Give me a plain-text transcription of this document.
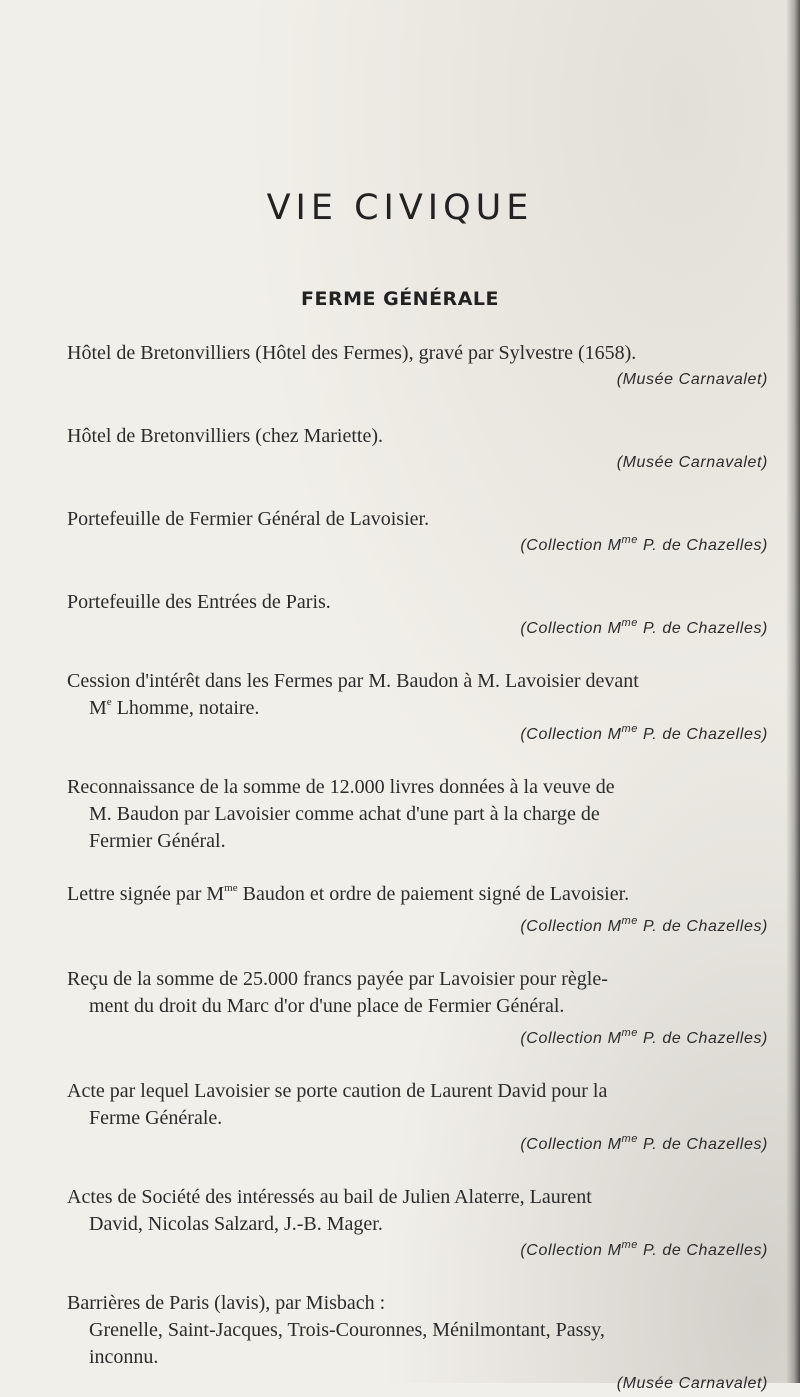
VIE CIVIQUE
FERME GÉNÉRALE
Hôtel de Bretonvilliers (Hôtel des Fermes), gravé par Sylvestre (1658).
(Musée Carnavalet)
Hôtel de Bretonvilliers (chez Mariette).
(Musée Carnavalet)
Portefeuille de Fermier Général de Lavoisier.
(Collection $M^{me}$ P. de Chazelles)
Portefeuille des Entrées de Paris.
(Collection $M^{me}$ P. de Chazelles)
Cession d'intérêt dans les Fermes par M. Baudon à M. Lavoisier devant
Me Lhomme, notaire.
(Collection $M^{me}$ P. de Chazelles)
Reconnaissance de la somme de 12.000 livres données à la veuve de
M. Baudon par Lavoisier comme achat d'une part à la charge de
Fermier Général.
Lettre signée par $M^{me}$ Baudon et ordre de paiement signé de Lavoisier.
(Collection $M^{me}$ P. de Chazelles)
Reçu de la somme de 25.000 francs payée par Lavoisier pour règle-
ment du droit du Marc d'or d'une place de Fermier Général.
(Collection $M^{me}$ P. de Chazelles)
Acte par lequel Lavoisier se porte caution de Laurent David pour la
Ferme Générale.
(Collection $M^{me}$ P. de Chazelles)
Actes de Société des intéressés au bail de Julien Alaterre, Laurent
David, Nicolas Salzard, J.-B. Mager.
(Collection $M^{me}$ P. de Chazelles)
Barrières de Paris (lavis), par Misbach :
Grenelle, Saint-Jacques, Trois-Couronnes, Ménilmontant, Passy,
inconnu.
(Musée Carnavalet)
